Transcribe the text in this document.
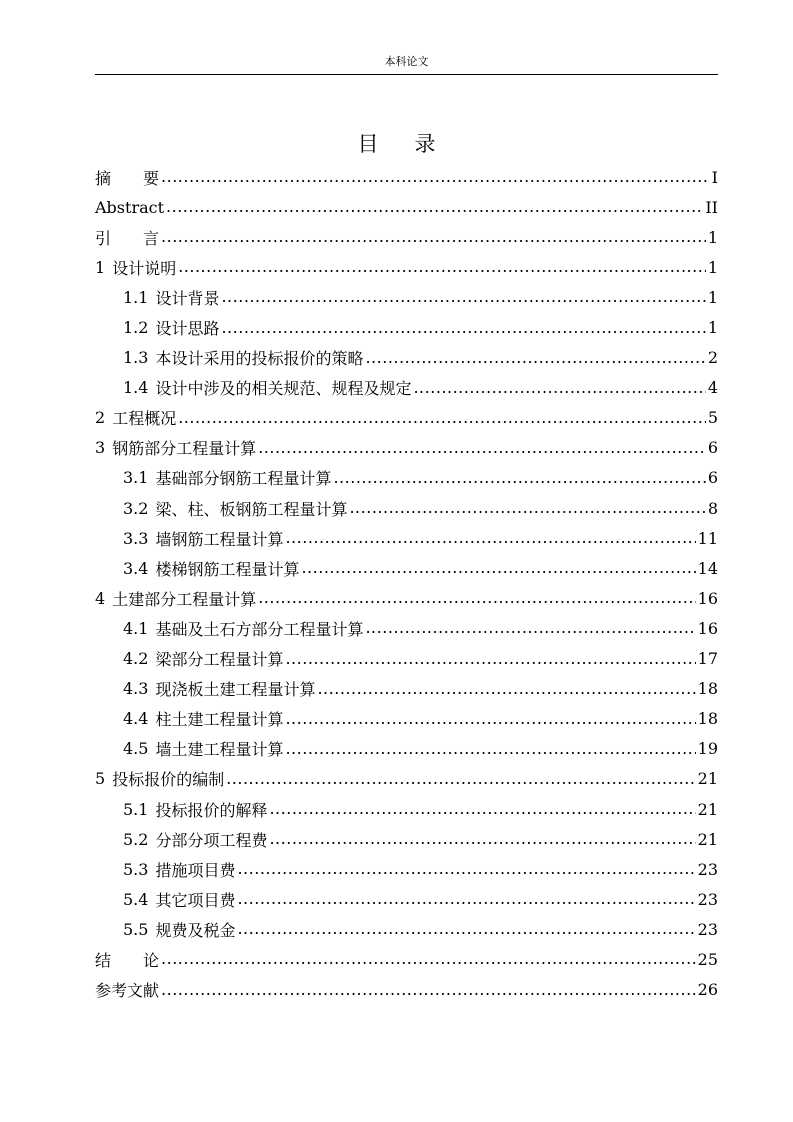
本科论文
目 录
摘　　要 .....	I
Abstract .....	II
引　　言 .....	1
1 设计说明 .....	1
1.1 设计背景 .....	1
1.2 设计思路 .....	1
1.3 本设计采用的投标报价的策略 .....	2
1.4 设计中涉及的相关规范、规程及规定 .....	4
2 工程概况 .....	5
3 钢筋部分工程量计算 .....	6
3.1 基础部分钢筋工程量计算 .....	6
3.2 梁、柱、板钢筋工程量计算 .....	8
3.3 墙钢筋工程量计算 .....	11
3.4 楼梯钢筋工程量计算 .....	14
4 土建部分工程量计算 .....	16
4.1 基础及土石方部分工程量计算 .....	16
4.2 梁部分工程量计算 .....	17
4.3 现浇板土建工程量计算 .....	18
4.4 柱土建工程量计算 .....	18
4.5 墙土建工程量计算 .....	19
5 投标报价的编制 .....	21
5.1 投标报价的解释 .....	21
5.2 分部分项工程费 .....	21
5.3 措施项目费 .....	23
5.4 其它项目费 .....	23
5.5 规费及税金 .....	23
结　　论 .....	25
参考文献 .....	26
